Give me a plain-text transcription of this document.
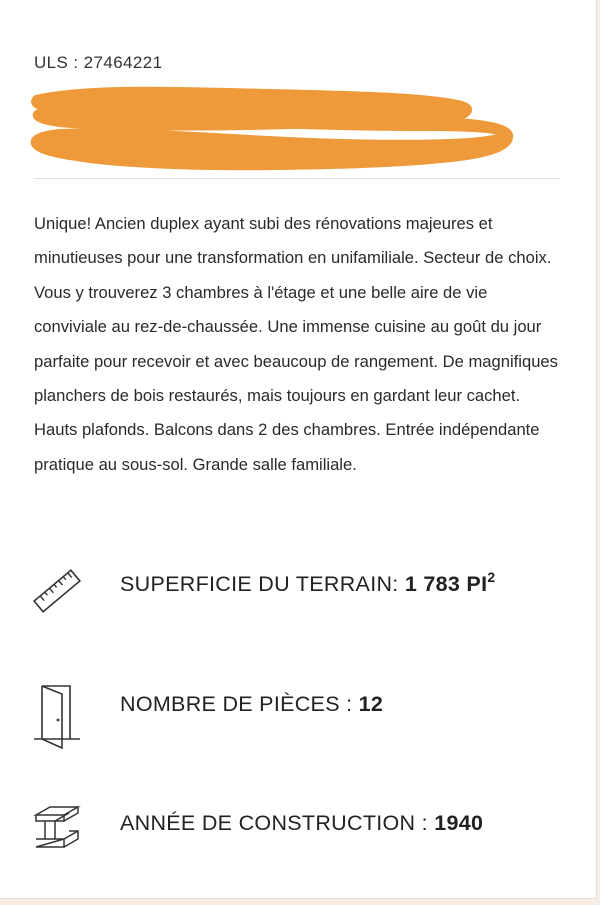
ULS : 27464221

Unique! Ancien duplex ayant subi des rénovations majeures et minutieuses pour une transformation en unifamiliale. Secteur de choix. Vous y trouverez 3 chambres à l'étage et une belle aire de vie conviviale au rez-de-chaussée. Une immense cuisine au goût du jour parfaite pour recevoir et avec beaucoup de rangement. De magnifiques planchers de bois restaurés, mais toujours en gardant leur cachet. Hauts plafonds. Balcons dans 2 des chambres. Entrée indépendante pratique au sous-sol. Grande salle familiale.

SUPERFICIE DU TERRAIN: 1 783 $PI^2$
NOMBRE DE PIÈCES : 12
ANNÉE DE CONSTRUCTION : 1940
